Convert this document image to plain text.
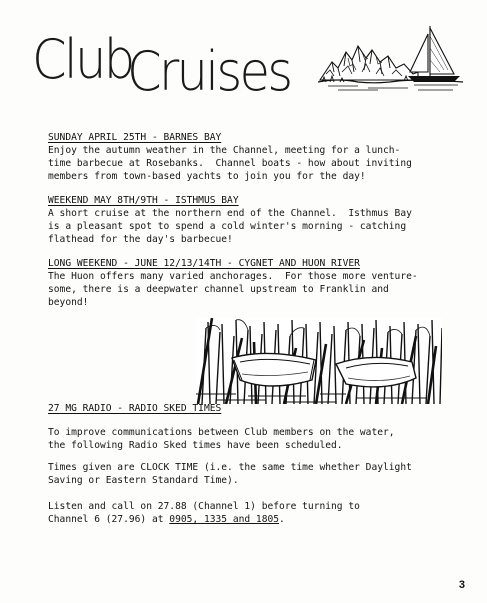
ClubCruises
SUNDAY APRIL 25TH - BARNES BAY
Enjoy the autumn weather in the Channel, meeting for a lunch-
time barbecue at Rosebanks.  Channel boats - how about inviting
members from town-based yachts to join you for the day!
WEEKEND MAY 8TH/9TH - ISTHMUS BAY
A short cruise at the northern end of the Channel.  Isthmus Bay
is a pleasant spot to spend a cold winter's morning - catching
flathead for the day's barbecue!
LONG WEEKEND - JUNE 12/13/14TH - CYGNET AND HUON RIVER
The Huon offers many varied anchorages.  For those more venture-
some, there is a deepwater channel upstream to Franklin and
beyond!
27 MG RADIO - RADIO SKED TIMES
To improve communications between Club members on the water,
the following Radio Sked times have been scheduled.
Times given are CLOCK TIME (i.e. the same time whether Daylight
Saving or Eastern Standard Time).
Listen and call on 27.88 (Channel 1) before turning to
Channel 6 (27.96) at 0905, 1335 and 1805.
3
